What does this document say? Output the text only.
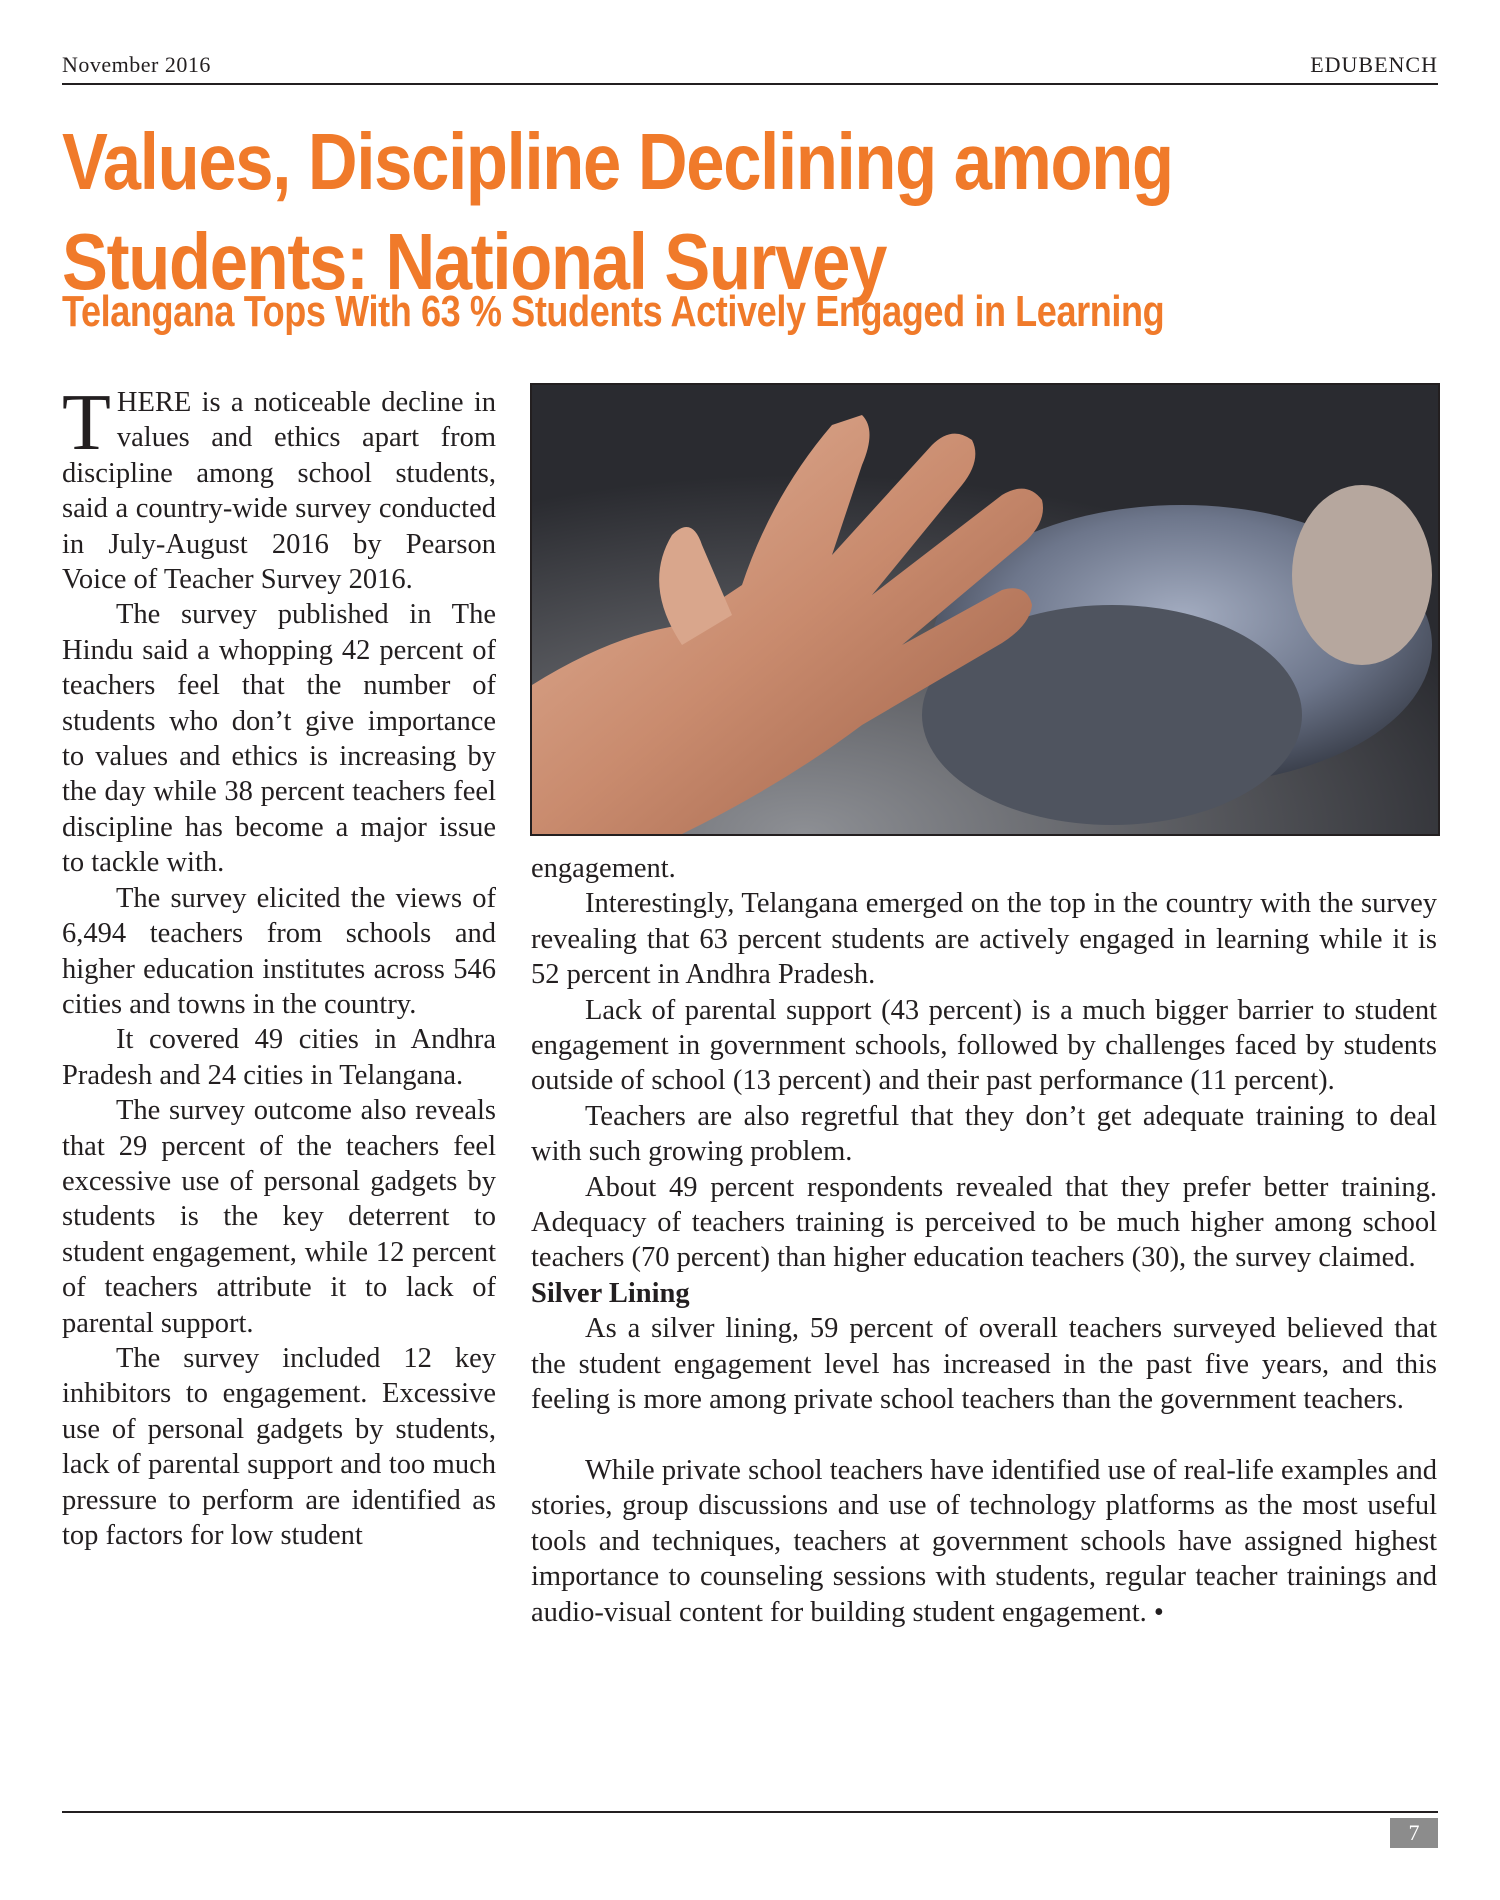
November 2016	EDUBENCH
Values, Discipline Declining among Students: National Survey
Telangana Tops With 63 % Students Actively Engaged in Learning

THERE is a noticeable decline in values and ethics apart from discipline among school students, said a country-wide survey conducted in July-August 2016 by Pearson Voice of Teacher Survey 2016.

The survey published in The Hindu said a whopping 42 percent of teachers feel that the number of students who don’t give importance to values and ethics is increasing by the day while 38 percent teachers feel discipline has become a major issue to tackle with.

The survey elicited the views of 6,494 teachers from schools and higher education institutes across 546 cities and towns in the country.

It covered 49 cities in Andhra Pradesh and 24 cities in Telangana.

The survey outcome also reveals that 29 percent of the teachers feel excessive use of personal gadgets by students is the key deterrent to student engagement, while 12 percent of teachers attribute it to lack of parental support.

The survey included 12 key inhibitors to engagement. Excessive use of personal gadgets by students, lack of parental support and too much pressure to perform are identified as top factors for low student

engagement.

Interestingly, Telangana emerged on the top in the country with the survey revealing that 63 percent students are actively engaged in learning while it is 52 percent in Andhra Pradesh.

Lack of parental support (43 percent) is a much bigger barrier to student engagement in government schools, followed by challenges faced by students outside of school (13 percent) and their past performance (11 percent).

Teachers are also regretful that they don’t get adequate training to deal with such growing problem.

About 49 percent respondents revealed that they prefer better training. Adequacy of teachers training is perceived to be much higher among school teachers (70 percent) than higher education teachers (30), the survey claimed.

Silver Lining

As a silver lining, 59 percent of overall teachers surveyed believed that the student engagement level has increased in the past five years, and this feeling is more among private school teachers than the government teachers.

While private school teachers have identified use of real-life examples and stories, group discussions and use of technology platforms as the most useful tools and techniques, teachers at government schools have assigned highest importance to counseling sessions with students, regular teacher trainings and audio-visual content for building student engagement. •

7
